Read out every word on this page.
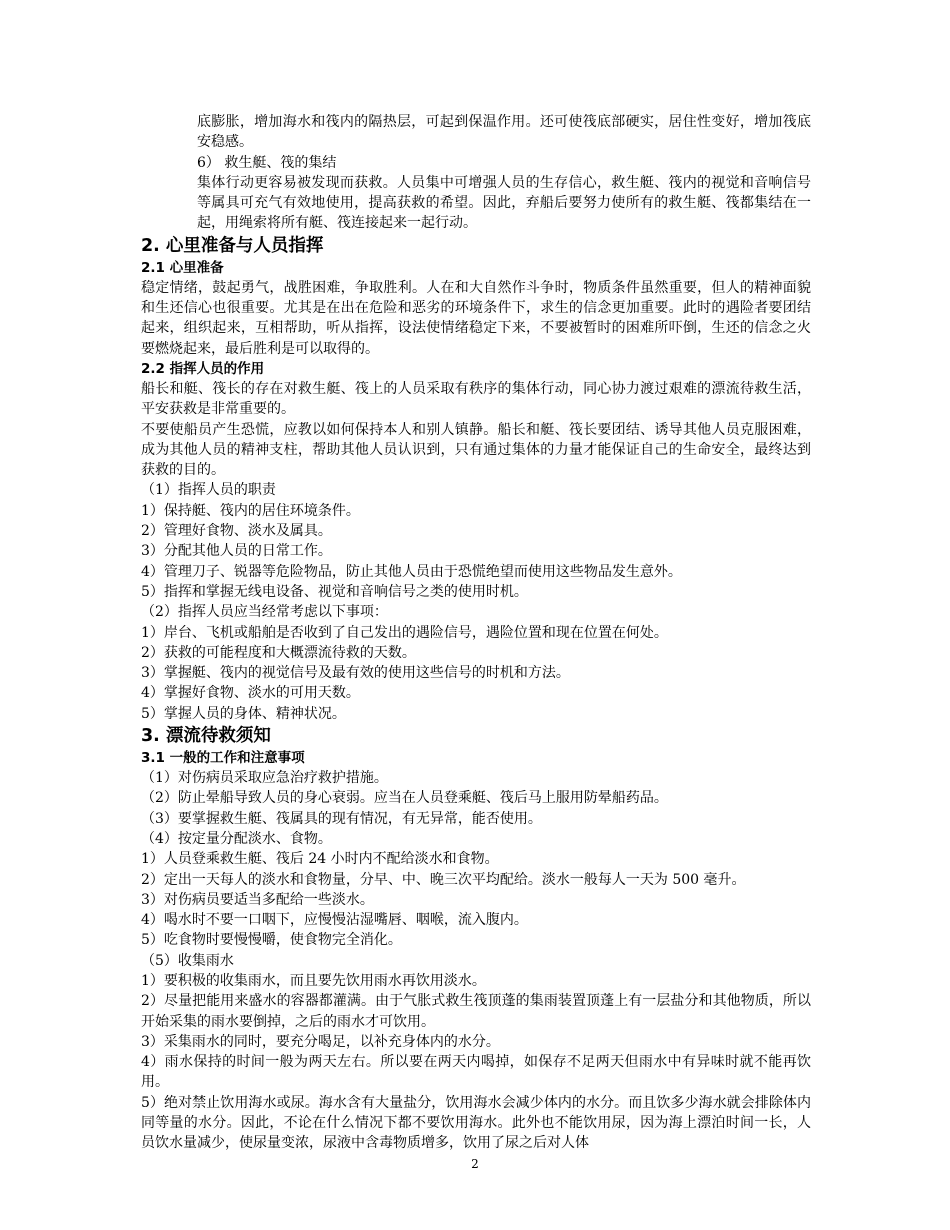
底膨胀，增加海水和筏内的隔热层，可起到保温作用。还可使筏底部硬实，居住性变好，增加筏底安稳感。

6） 救生艇、筏的集结

集体行动更容易被发现而获救。人员集中可增强人员的生存信心，救生艇、筏内的视觉和音响信号等属具可充气有效地使用，提高获救的希望。因此，弃船后要努力使所有的救生艇、筏都集结在一起，用绳索将所有艇、筏连接起来一起行动。

2. 心里准备与人员指挥
2.1 心里准备

稳定情绪，鼓起勇气，战胜困难，争取胜利。人在和大自然作斗争时，物质条件虽然重要，但人的精神面貌和生还信心也很重要。尤其是在出在危险和恶劣的环境条件下，求生的信念更加重要。此时的遇险者要团结起来，组织起来，互相帮助，听从指挥，设法使情绪稳定下来，不要被暂时的困难所吓倒，生还的信念之火要燃烧起来，最后胜利是可以取得的。

2.2 指挥人员的作用

船长和艇、筏长的存在对救生艇、筏上的人员采取有秩序的集体行动，同心协力渡过艰难的漂流待救生活，平安获救是非常重要的。

不要使船员产生恐慌，应教以如何保持本人和别人镇静。船长和艇、筏长要团结、诱导其他人员克服困难，成为其他人员的精神支柱，帮助其他人员认识到，只有通过集体的力量才能保证自己的生命安全，最终达到获救的目的。

（1）指挥人员的职责

1）保持艇、筏内的居住环境条件。

2）管理好食物、淡水及属具。

3）分配其他人员的日常工作。

4）管理刀子、锐器等危险物品，防止其他人员由于恐慌绝望而使用这些物品发生意外。

5）指挥和掌握无线电设备、视觉和音响信号之类的使用时机。

（2）指挥人员应当经常考虑以下事项：

1）岸台、飞机或船舶是否收到了自己发出的遇险信号，遇险位置和现在位置在何处。

2）获救的可能程度和大概漂流待救的天数。

3）掌握艇、筏内的视觉信号及最有效的使用这些信号的时机和方法。

4）掌握好食物、淡水的可用天数。

5）掌握人员的身体、精神状况。

3. 漂流待救须知
3.1 一般的工作和注意事项

（1）对伤病员采取应急治疗救护措施。

（2）防止晕船导致人员的身心衰弱。应当在人员登乘艇、筏后马上服用防晕船药品。

（3）要掌握救生艇、筏属具的现有情况，有无异常，能否使用。

（4）按定量分配淡水、食物。

1）人员登乘救生艇、筏后 24 小时内不配给淡水和食物。

2）定出一天每人的淡水和食物量，分早、中、晚三次平均配给。淡水一般每人一天为 500 毫升。

3）对伤病员要适当多配给一些淡水。

4）喝水时不要一口咽下，应慢慢沾湿嘴唇、咽喉，流入腹内。

5）吃食物时要慢慢嚼，使食物完全消化。

（5）收集雨水

1）要积极的收集雨水，而且要先饮用雨水再饮用淡水。

2）尽量把能用来盛水的容器都灌满。由于气胀式救生筏顶蓬的集雨装置顶蓬上有一层盐分和其他物质，所以开始采集的雨水要倒掉，之后的雨水才可饮用。

3）采集雨水的同时，要充分喝足，以补充身体内的水分。

4）雨水保持的时间一般为两天左右。所以要在两天内喝掉，如保存不足两天但雨水中有异味时就不能再饮用。

5）绝对禁止饮用海水或尿。海水含有大量盐分，饮用海水会减少体内的水分。而且饮多少海水就会排除体内同等量的水分。因此，不论在什么情况下都不要饮用海水。此外也不能饮用尿，因为海上漂泊时间一长，人员饮水量减少，使尿量变浓，尿液中含毒物质增多，饮用了尿之后对人体

2
